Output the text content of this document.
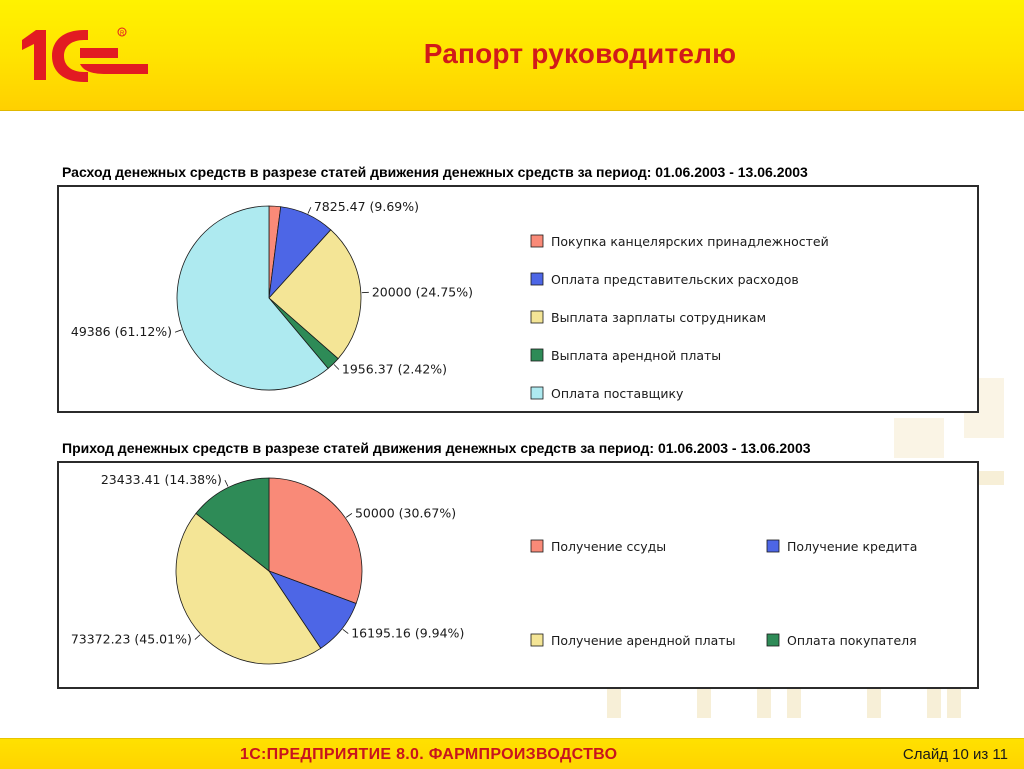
R
Рапорт руководителю
Расход денежных средств в разрезе статей движения денежных средств за период: 01.06.2003 - 13.06.2003
7825.47 (9.69%)
20000 (24.75%)
1956.37 (2.42%)
49386 (61.12%)
Покупка канцелярских принадлежностей
Оплата представительских расходов
Выплата зарплаты сотрудникам
Выплата арендной платы
Оплата поставщику
Приход денежных средств в разрезе статей движения денежных средств за период: 01.06.2003 - 13.06.2003
50000 (30.67%)
16195.16 (9.94%)
73372.23 (45.01%)
23433.41 (14.38%)
Получение ссуды	Получение кредита
Получение арендной платы	Оплата покупателя
1С:ПРЕДПРИЯТИЕ 8.0. ФАРМПРОИЗВОДСТВО	Слайд 10 из 11
